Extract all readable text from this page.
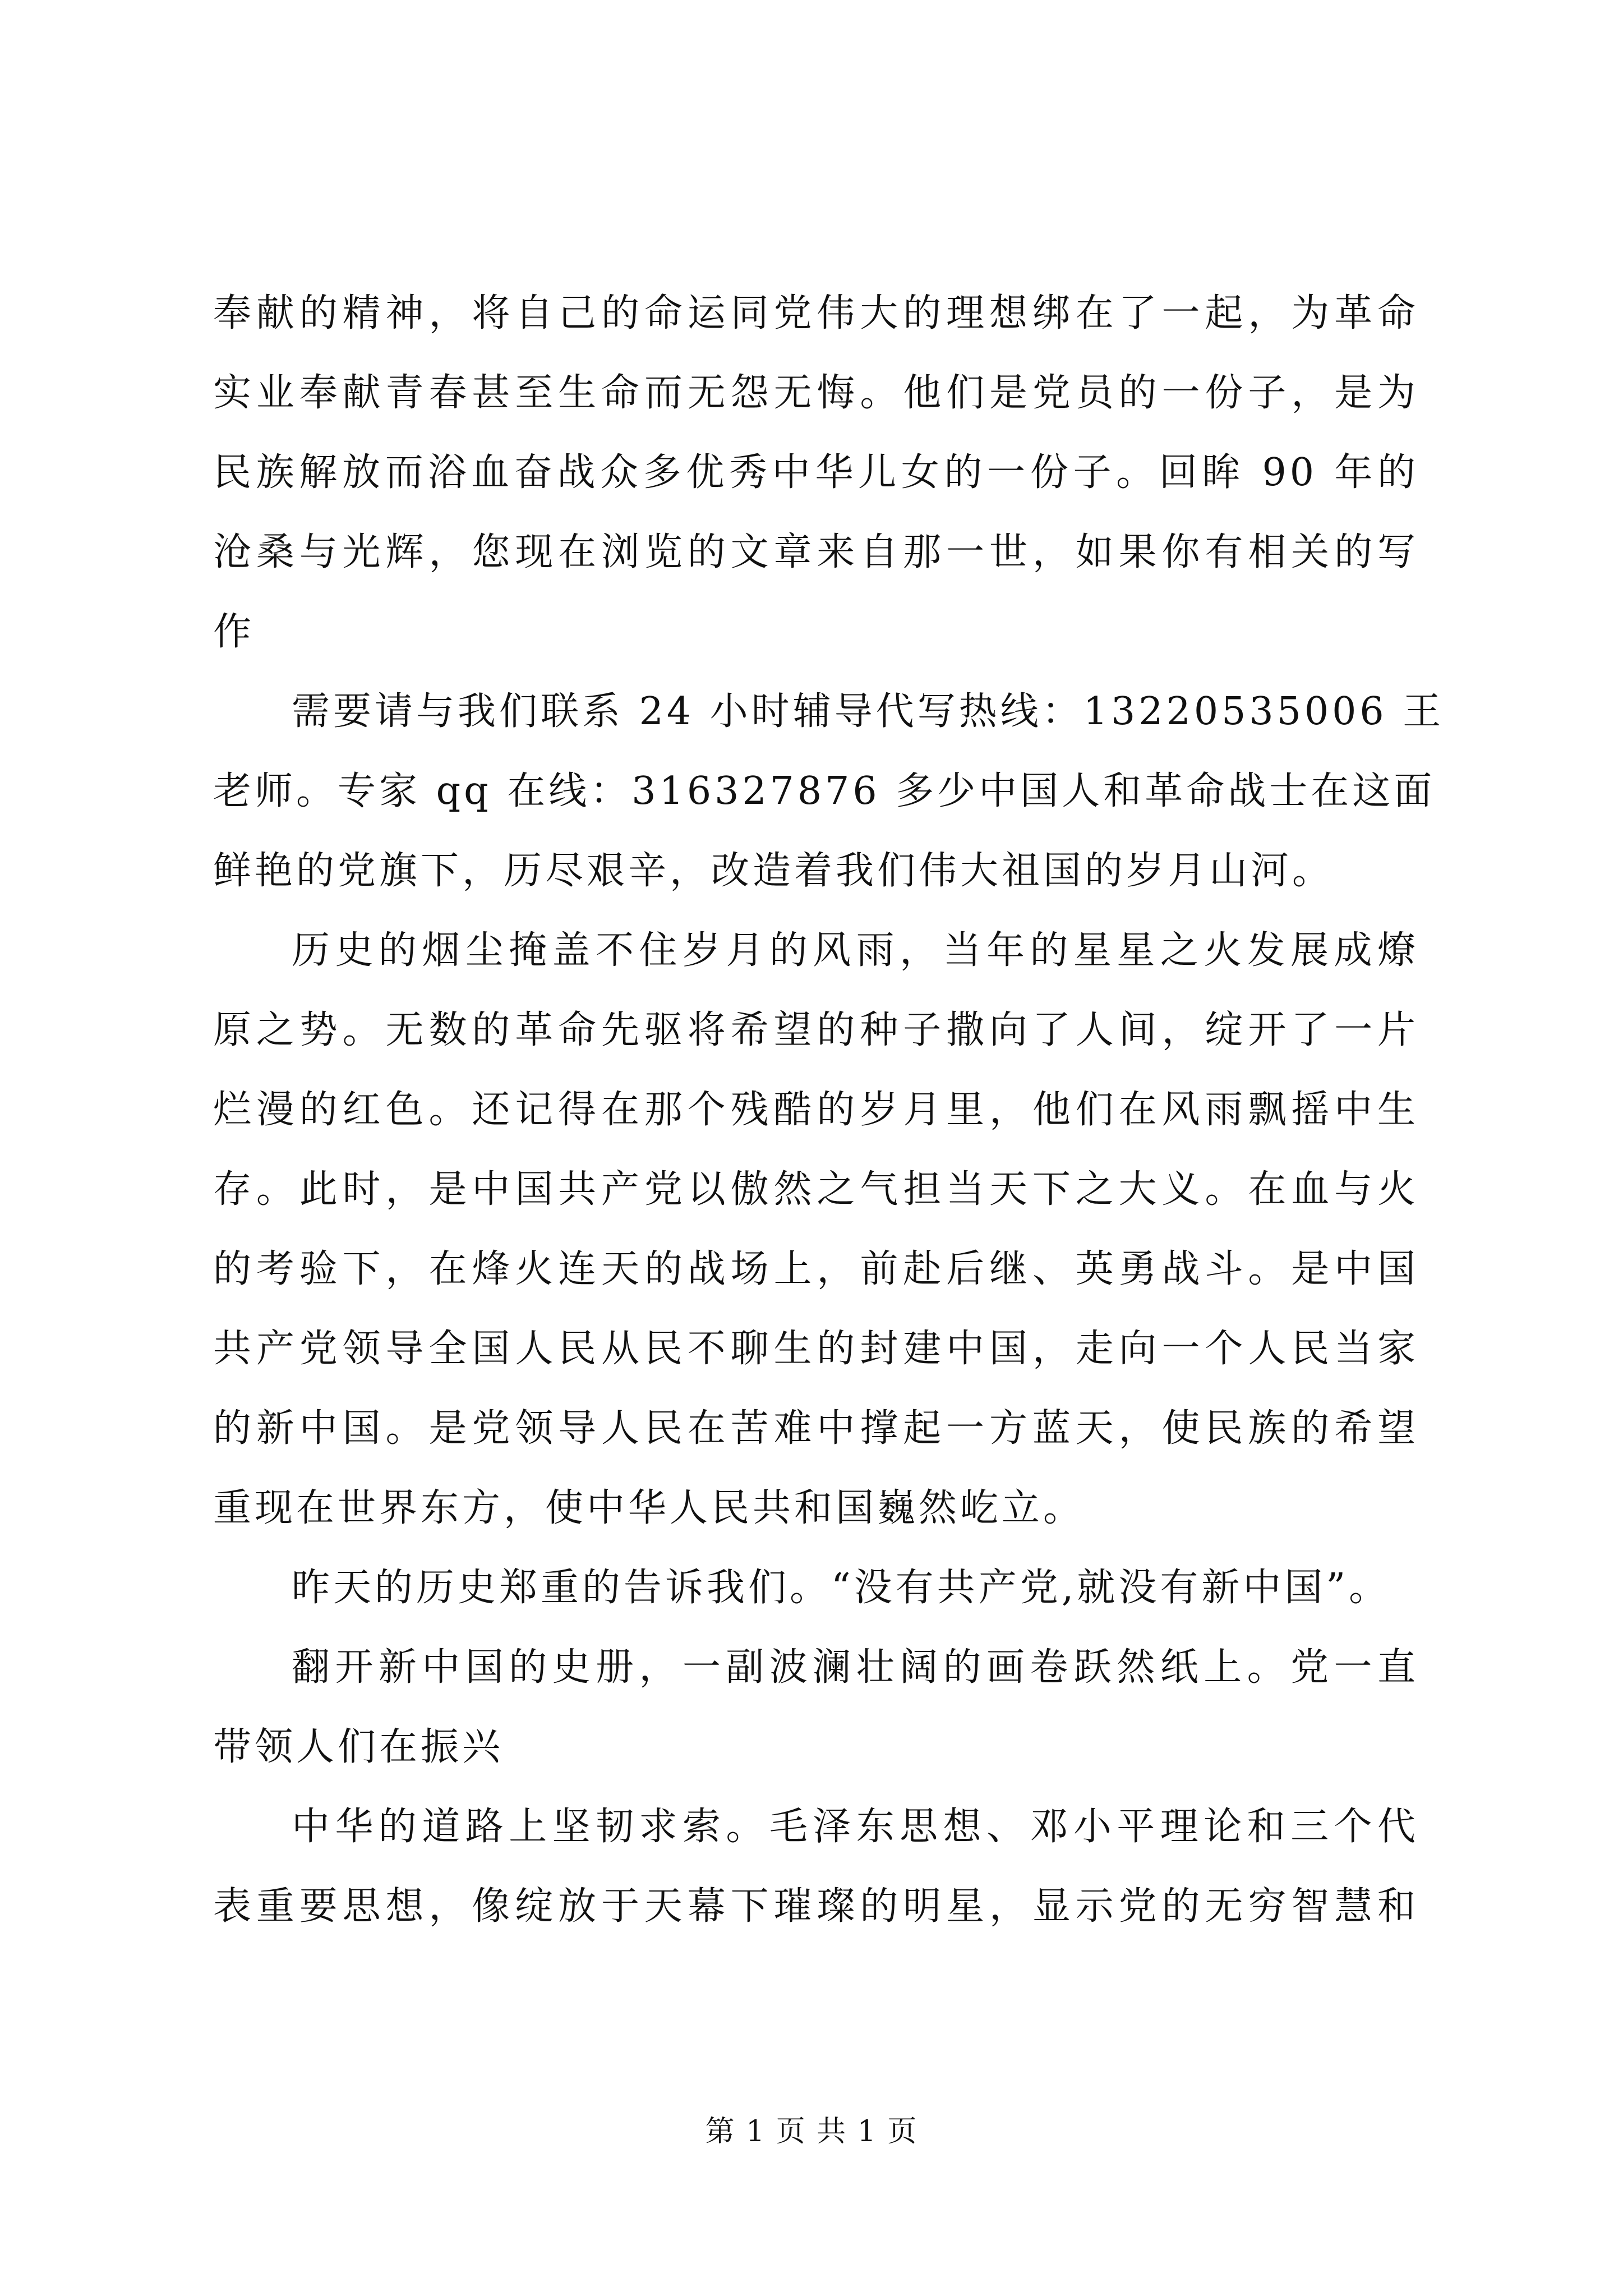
奉献的精神，将自己的命运同党伟大的理想绑在了一起，为革命
实业奉献青春甚至生命而无怨无悔。他们是党员的一份子，是为
民族解放而浴血奋战众多优秀中华儿女的一份子。回眸 90 年的
沧桑与光辉，您现在浏览的文章来自那一世，如果你有相关的写
作
需要请与我们联系 24 小时辅导代写热线：13220535006 王
老师。专家 qq 在线：316327876 多少中国人和革命战士在这面
鲜艳的党旗下，历尽艰辛，改造着我们伟大祖国的岁月山河。
历史的烟尘掩盖不住岁月的风雨，当年的星星之火发展成燎
原之势。无数的革命先驱将希望的种子撒向了人间，绽开了一片
烂漫的红色。还记得在那个残酷的岁月里，他们在风雨飘摇中生
存。此时，是中国共产党以傲然之气担当天下之大义。在血与火
的考验下，在烽火连天的战场上，前赴后继、英勇战斗。是中国
共产党领导全国人民从民不聊生的封建中国，走向一个人民当家
的新中国。是党领导人民在苦难中撑起一方蓝天，使民族的希望
重现在世界东方，使中华人民共和国巍然屹立。
昨天的历史郑重的告诉我们。“没有共产党,就没有新中国”。
翻开新中国的史册，一副波澜壮阔的画卷跃然纸上。党一直
带领人们在振兴
中华的道路上坚韧求索。毛泽东思想、邓小平理论和三个代
表重要思想，像绽放于天幕下璀璨的明星，显示党的无穷智慧和
第 1 页 共 1 页
